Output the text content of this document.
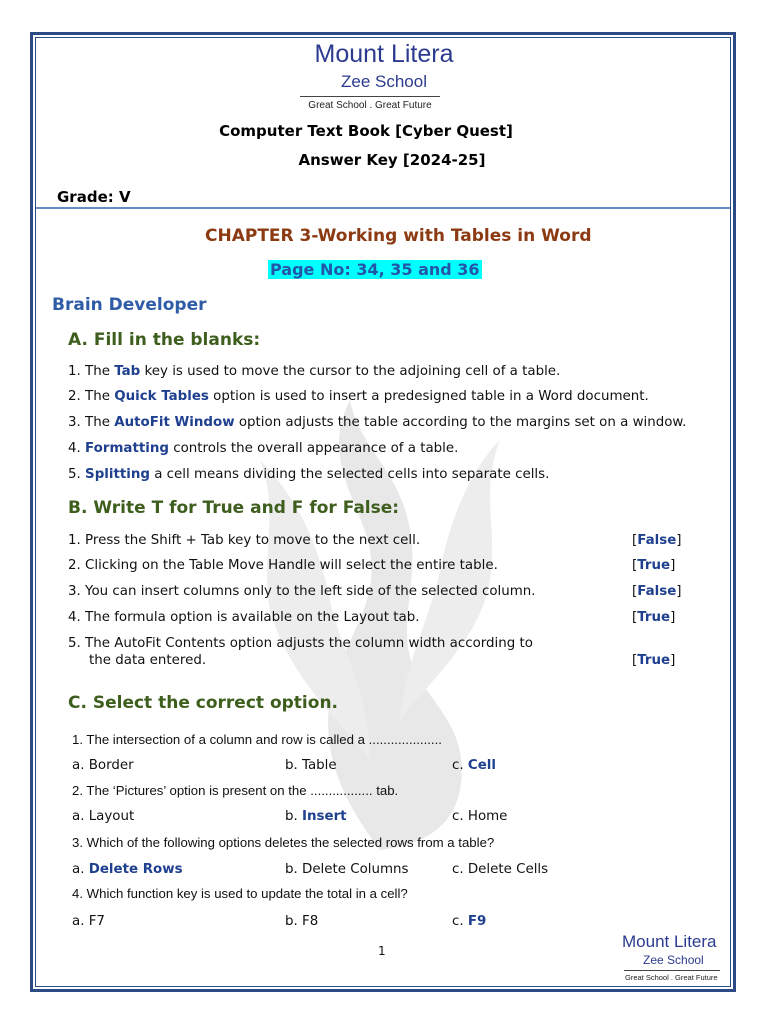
Mount Litera
Zee School
Great School . Great Future
Computer Text Book [Cyber Quest]
Answer Key [2024-25]
Grade: V
CHAPTER 3-Working with Tables in Word
Page No: 34, 35 and 36
Brain Developer
A. Fill in the blanks:
1. The Tab key is used to move the cursor to the adjoining cell of a table.
2. The Quick Tables option is used to insert a predesigned table in a Word document.
3. The AutoFit Window option adjusts the table according to the margins set on a window.
4. Formatting controls the overall appearance of a table.
5. Splitting a cell means dividing the selected cells into separate cells.
B. Write T for True and F for False:
1. Press the Shift + Tab key to move to the next cell.	[False]
2. Clicking on the Table Move Handle will select the entire table.	[True]
3. You can insert columns only to the left side of the selected column.	[False]
4. The formula option is available on the Layout tab.	[True]
5. The AutoFit Contents option adjusts the column width according to
the data entered.	[True]
C. Select the correct option.
1. The intersection of a column and row is called a ....................
a. Border	b. Table	c. Cell
2. The ‘Pictures’ option is present on the ................. tab.
a. Layout	b. Insert	c. Home
3. Which of the following options deletes the selected rows from a table?
a. Delete Rows	b. Delete Columns	c. Delete Cells
4. Which function key is used to update the total in a cell?
a. F7	b. F8	c. F9
1	Mount Litera
Zee School
Great School . Great Future
